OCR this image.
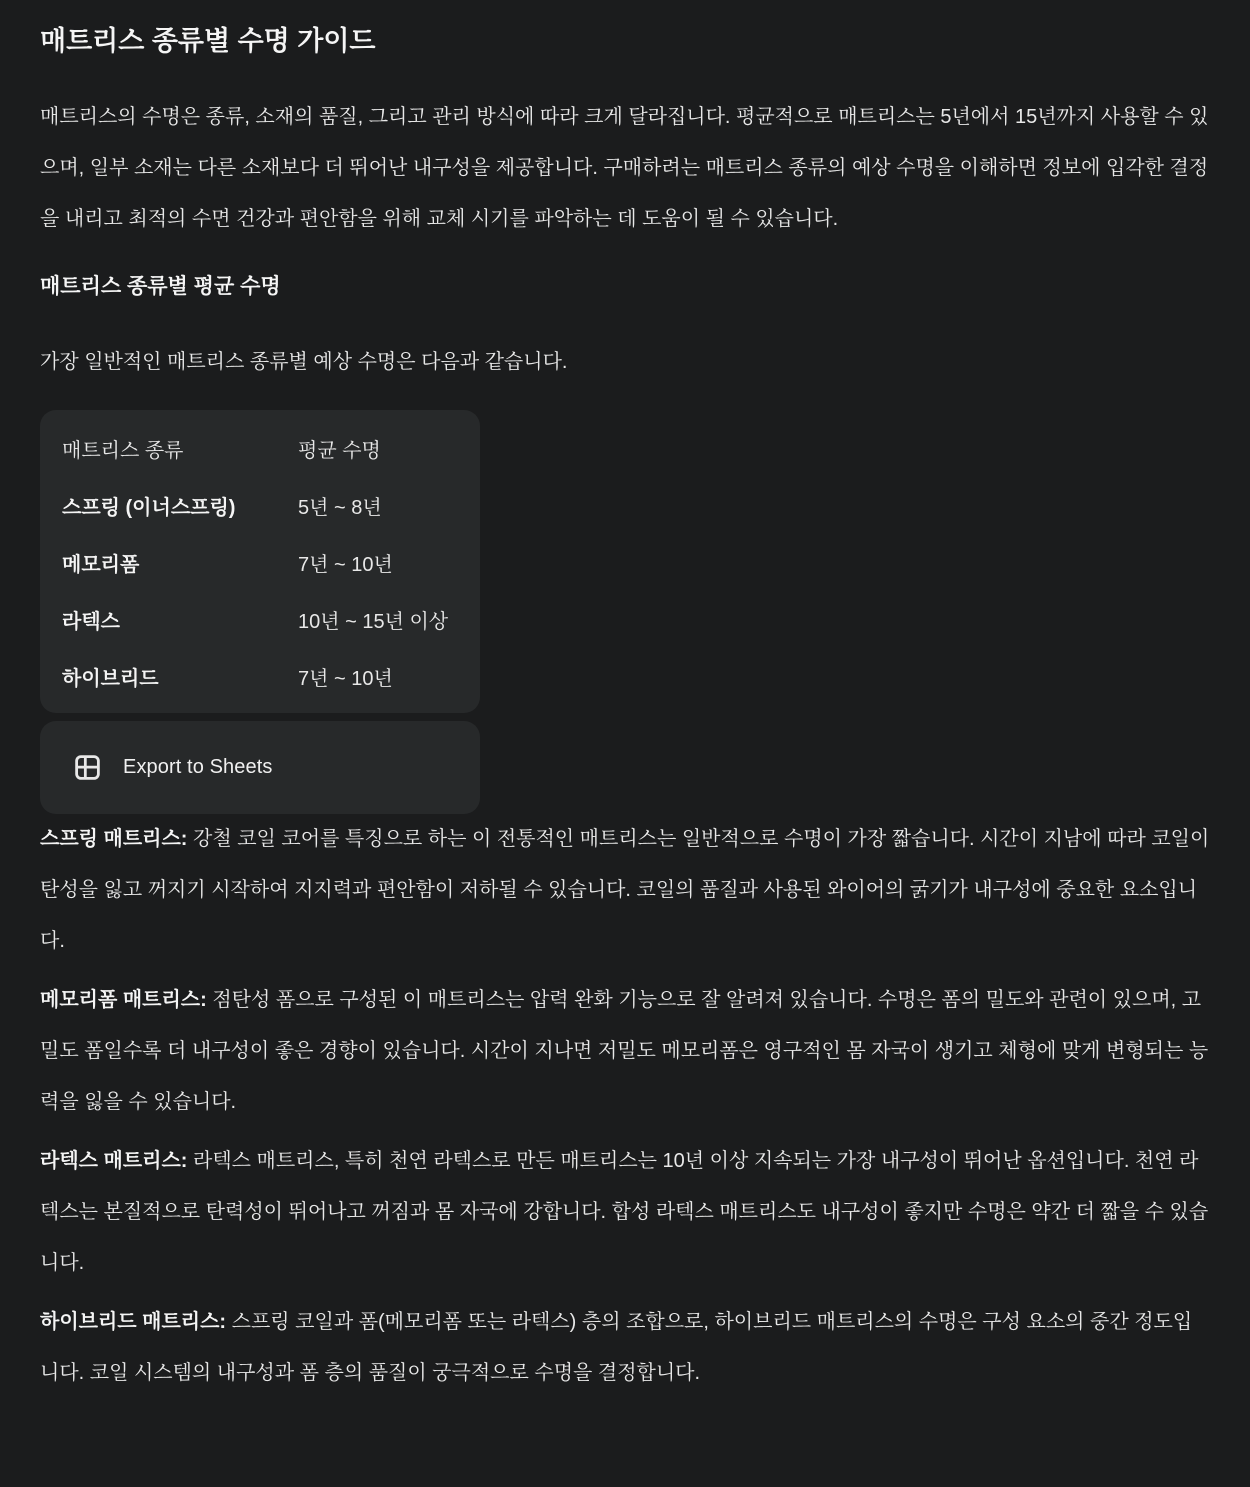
매트리스 종류별 수명 가이드

매트리스의 수명은 종류, 소재의 품질, 그리고 관리 방식에 따라 크게 달라집니다. 평균적으로 매트리스는 5년에서 15년까지 사용할 수 있으며, 일부 소재는 다른 소재보다 더 뛰어난 내구성을 제공합니다. 구매하려는 매트리스 종류의 예상 수명을 이해하면 정보에 입각한 결정을 내리고 최적의 수면 건강과 편안함을 위해 교체 시기를 파악하는 데 도움이 될 수 있습니다.

매트리스 종류별 평균 수명

가장 일반적인 매트리스 종류별 예상 수명은 다음과 같습니다.

매트리스 종류	평균 수명
스프링 (이너스프링)	5년 ~ 8년
메모리폼	7년 ~ 10년
라텍스	10년 ~ 15년 이상
하이브리드	7년 ~ 10년
Export to Sheets

스프링 매트리스: 강철 코일 코어를 특징으로 하는 이 전통적인 매트리스는 일반적으로 수명이 가장 짧습니다. 시간이 지남에 따라 코일이 탄성을 잃고 꺼지기 시작하여 지지력과 편안함이 저하될 수 있습니다. 코일의 품질과 사용된 와이어의 굵기가 내구성에 중요한 요소입니다.

메모리폼 매트리스: 점탄성 폼으로 구성된 이 매트리스는 압력 완화 기능으로 잘 알려져 있습니다. 수명은 폼의 밀도와 관련이 있으며, 고밀도 폼일수록 더 내구성이 좋은 경향이 있습니다. 시간이 지나면 저밀도 메모리폼은 영구적인 몸 자국이 생기고 체형에 맞게 변형되는 능력을 잃을 수 있습니다.

라텍스 매트리스: 라텍스 매트리스, 특히 천연 라텍스로 만든 매트리스는 10년 이상 지속되는 가장 내구성이 뛰어난 옵션입니다. 천연 라텍스는 본질적으로 탄력성이 뛰어나고 꺼짐과 몸 자국에 강합니다. 합성 라텍스 매트리스도 내구성이 좋지만 수명은 약간 더 짧을 수 있습니다.

하이브리드 매트리스: 스프링 코일과 폼(메모리폼 또는 라텍스) 층의 조합으로, 하이브리드 매트리스의 수명은 구성 요소의 중간 정도입니다. 코일 시스템의 내구성과 폼 층의 품질이 궁극적으로 수명을 결정합니다.
